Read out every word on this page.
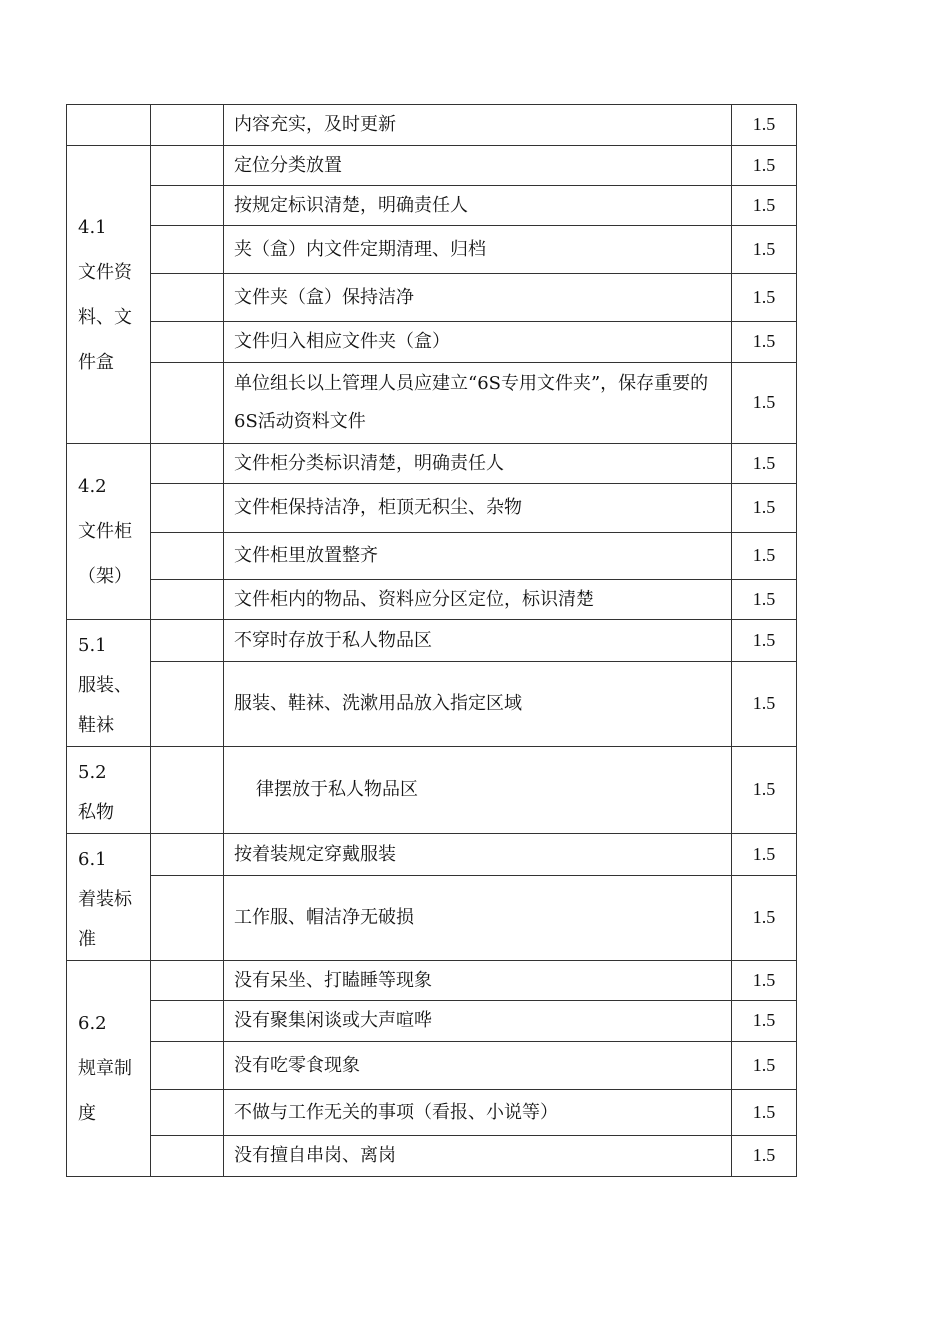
		内容充实，及时更新	1.5
4.1
文件资
料、文
件盒		定位分类放置	1.5
		按规定标识清楚，明确责任人	1.5
		夹（盒）内文件定期清理、归档	1.5
		文件夹（盒）保持洁净	1.5
		文件归入相应文件夹（盒）	1.5
		单位组长以上管理人员应建立“6S专用文件夹”，保存重要的6S活动资料文件	1.5
4.2
文件柜
（架）		文件柜分类标识清楚，明确责任人	1.5
		文件柜保持洁净，柜顶无积尘、杂物	1.5
		文件柜里放置整齐	1.5
		文件柜内的物品、资料应分区定位，标识清楚	1.5
5.1
服装、
鞋袜		不穿时存放于私人物品区	1.5
		服装、鞋袜、洗漱用品放入指定区域	1.5
5.2
私物		律摆放于私人物品区	1.5
6.1
着装标
准		按着装规定穿戴服装	1.5
		工作服、帽洁净无破损	1.5
6.2
规章制
度		没有呆坐、打瞌睡等现象	1.5
		没有聚集闲谈或大声喧哗	1.5
		没有吃零食现象	1.5
		不做与工作无关的事项（看报、小说等）	1.5
		没有擅自串岗、离岗	1.5
